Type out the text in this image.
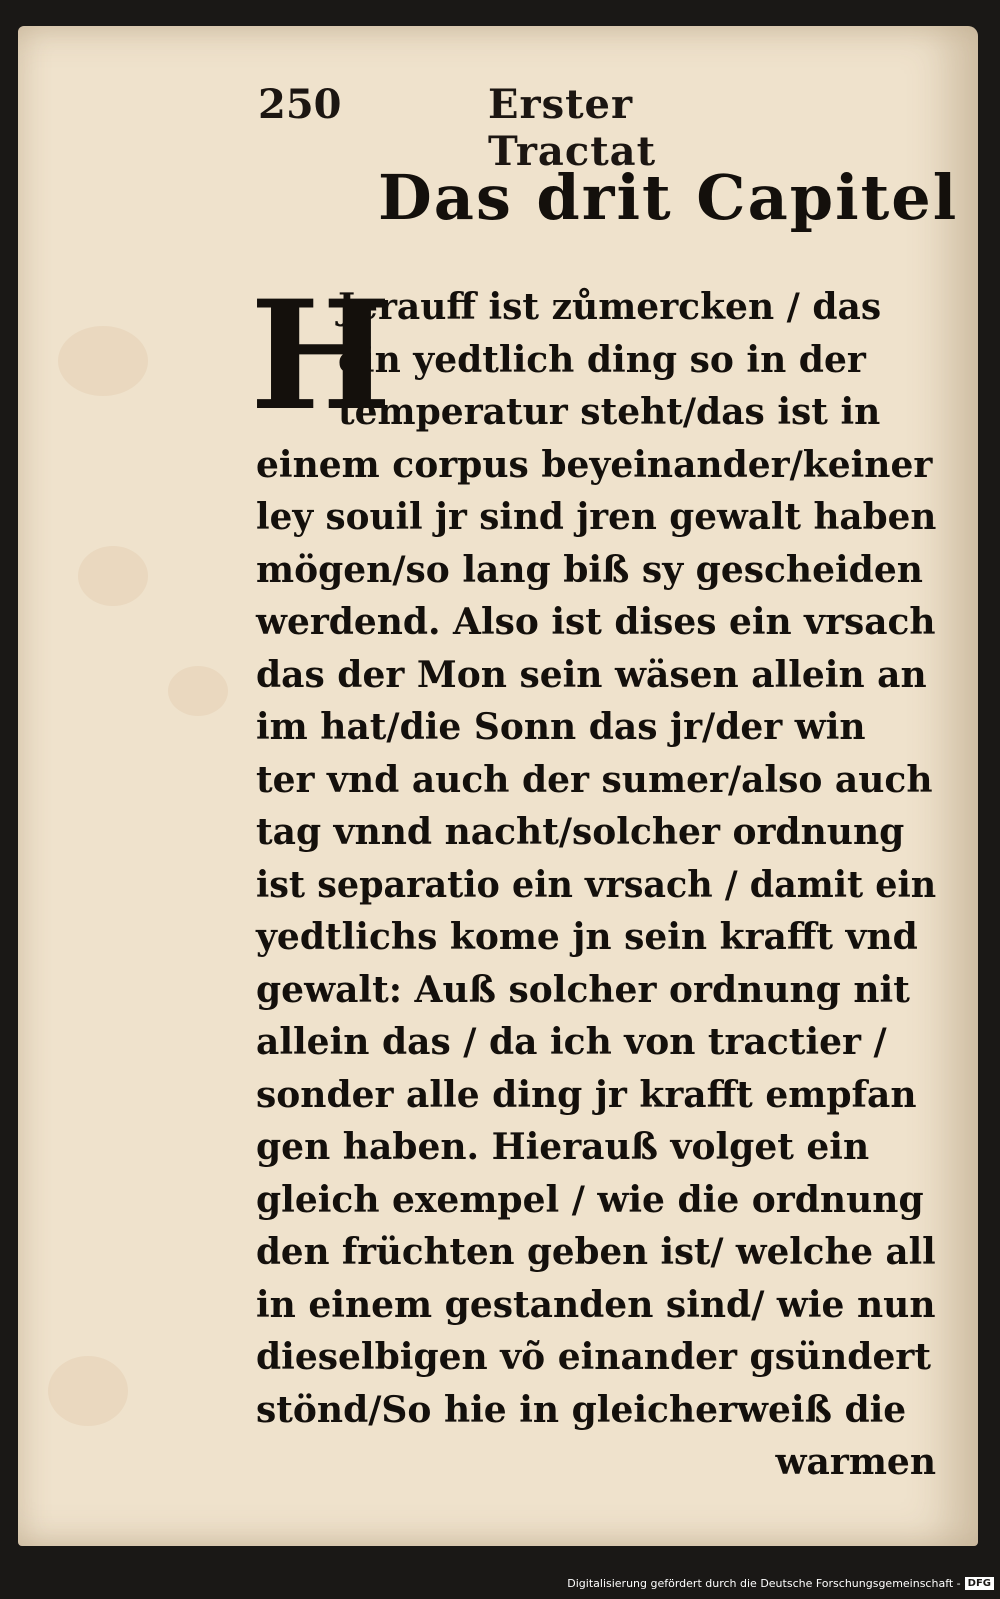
250	Erster Tractat
Das drit Capitel
H
Jerauff ist zůmercken / das
ein yedtlich ding so in der
temperatur steht/das ist in
einem corpus beyeinander/keiner
ley souil jr sind jren gewalt haben
mögen/so lang biß sy gescheiden
werdend. Also ist dises ein vrsach
das der Mon sein wäsen allein an
im hat/die Sonn das jr/der win
ter vnd auch der sumer/also auch
tag vnnd nacht/solcher ordnung
ist separatio ein vrsach / damit ein
yedtlichs kome jn sein krafft vnd
gewalt: Auß solcher ordnung nit
allein das / da ich von tractier /
sonder alle ding jr krafft empfan
gen haben. Hierauß volget ein
gleich exempel / wie die ordnung
den früchten geben ist/ welche all
in einem gestanden sind/ wie nun
dieselbigen võ einander gsündert
stönd/So hie in gleicherweiß die
warmen
Digitalisierung gefördert durch die Deutsche Forschungsgemeinschaft - DFG
